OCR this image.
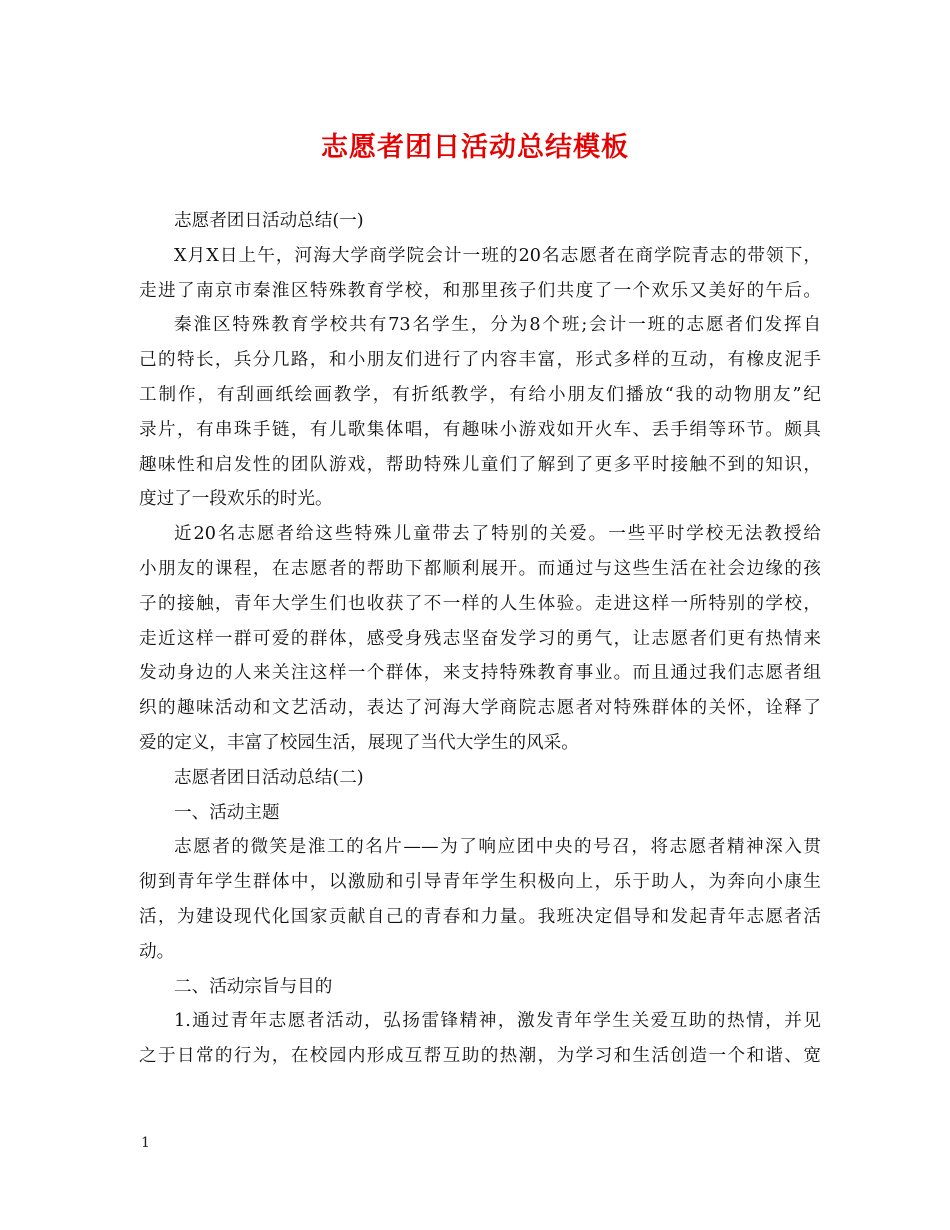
志愿者团日活动总结模板
志愿者团日活动总结(一)
X月X日上午，河海大学商学院会计一班的20名志愿者在商学院青志的带领下，
走进了南京市秦淮区特殊教育学校，和那里孩子们共度了一个欢乐又美好的午后。
秦淮区特殊教育学校共有73名学生，分为8个班;会计一班的志愿者们发挥自
己的特长，兵分几路，和小朋友们进行了内容丰富，形式多样的互动，有橡皮泥手
工制作，有刮画纸绘画教学，有折纸教学，有给小朋友们播放“我的动物朋友”纪
录片，有串珠手链，有儿歌集体唱，有趣味小游戏如开火车、丢手绢等环节。颇具
趣味性和启发性的团队游戏，帮助特殊儿童们了解到了更多平时接触不到的知识，
度过了一段欢乐的时光。
近20名志愿者给这些特殊儿童带去了特别的关爱。一些平时学校无法教授给
小朋友的课程，在志愿者的帮助下都顺利展开。而通过与这些生活在社会边缘的孩
子的接触，青年大学生们也收获了不一样的人生体验。走进这样一所特别的学校，
走近这样一群可爱的群体，感受身残志坚奋发学习的勇气，让志愿者们更有热情来
发动身边的人来关注这样一个群体，来支持特殊教育事业。而且通过我们志愿者组
织的趣味活动和文艺活动，表达了河海大学商院志愿者对特殊群体的关怀，诠释了
爱的定义，丰富了校园生活，展现了当代大学生的风采。
志愿者团日活动总结(二)
一、活动主题
志愿者的微笑是淮工的名片——为了响应团中央的号召，将志愿者精神深入贯
彻到青年学生群体中，以激励和引导青年学生积极向上，乐于助人，为奔向小康生
活，为建设现代化国家贡献自己的青春和力量。我班决定倡导和发起青年志愿者活
动。
二、活动宗旨与目的
1.通过青年志愿者活动，弘扬雷锋精神，激发青年学生关爱互助的热情，并见
之于日常的行为，在校园内形成互帮互助的热潮，为学习和生活创造一个和谐、宽
1
